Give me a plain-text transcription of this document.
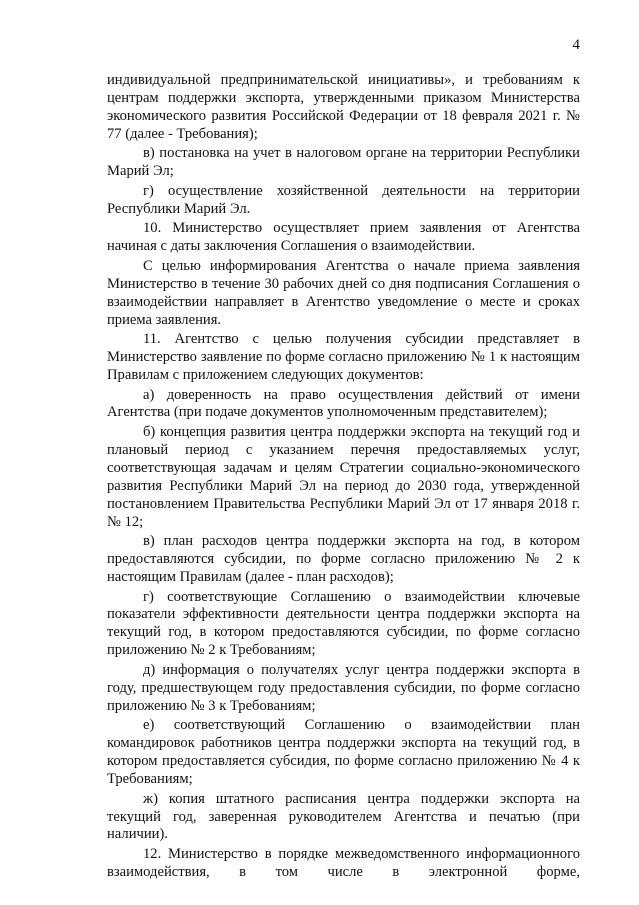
4

индивидуальной предпринимательской инициативы», и требованиям к центрам поддержки экспорта, утвержденными приказом Министерства экономического развития Российской Федерации от 18 февраля 2021 г. № 77 (далее - Требования);

в) постановка на учет в налоговом органе на территории Республики Марий Эл;

г) осуществление хозяйственной деятельности на территории Республики Марий Эл.

10. Министерство осуществляет прием заявления от Агентства начиная с даты заключения Соглашения о взаимодействии.

С целью информирования Агентства о начале приема заявления Министерство в течение 30 рабочих дней со дня подписания Соглашения о взаимодействии направляет в Агентство уведомление о месте и сроках приема заявления.

11. Агентство с целью получения субсидии представляет в Министерство заявление по форме согласно приложению № 1 к настоящим Правилам с приложением следующих документов:

а) доверенность на право осуществления действий от имени Агентства (при подаче документов уполномоченным представителем);

б) концепция развития центра поддержки экспорта на текущий год и плановый период с указанием перечня предоставляемых услуг, соответствующая задачам и целям Стратегии социально-экономического развития Республики Марий Эл на период до 2030 года, утвержденной постановлением Правительства Республики Марий Эл от 17 января 2018 г. № 12;

в) план расходов центра поддержки экспорта на год, в котором предоставляются субсидии, по форме согласно приложению № 2 к настоящим Правилам (далее - план расходов);

г) соответствующие Соглашению о взаимодействии ключевые показатели эффективности деятельности центра поддержки экспорта на текущий год, в котором предоставляются субсидии, по форме согласно приложению № 2 к Требованиям;

д) информация о получателях услуг центра поддержки экспорта в году, предшествующем году предоставления субсидии, по форме согласно приложению № 3 к Требованиям;

е) соответствующий Соглашению о взаимодействии план командировок работников центра поддержки экспорта на текущий год, в котором предоставляется субсидия, по форме согласно приложению № 4 к Требованиям;

ж) копия штатного расписания центра поддержки экспорта на текущий год, заверенная руководителем Агентства и печатью (при наличии).

12. Министерство в порядке межведомственного информационного взаимодействия, в том числе в электронной форме,
